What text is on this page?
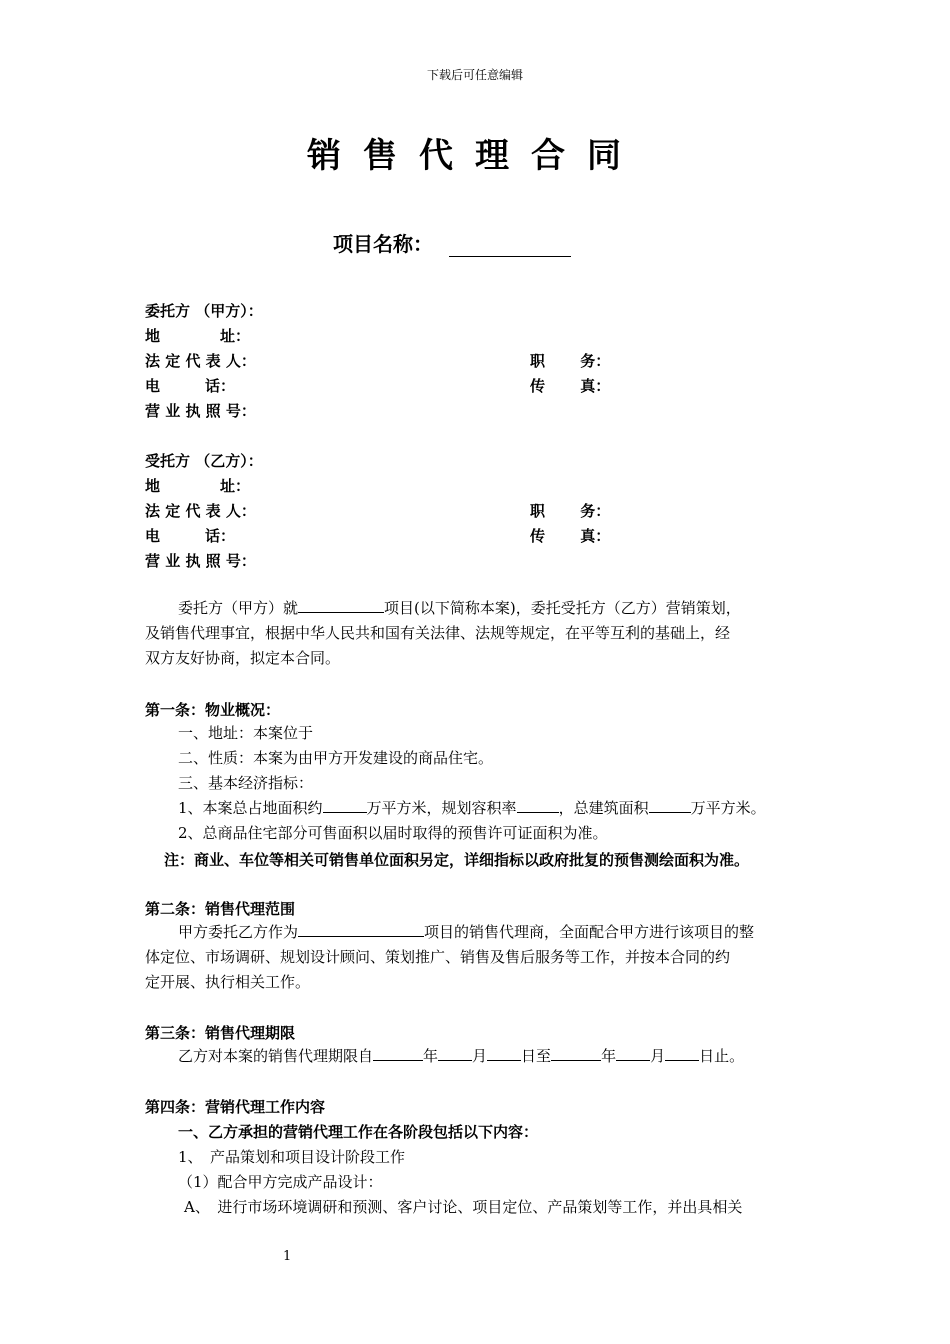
下载后可任意编辑
销售代理合同
项目名称：
委托方 （甲方）：
地　　　　址：
法 定 代 表 人：	职　　 务：
电　　　话：	传　　 真：
营 业 执 照 号：
受托方 （乙方）：
地　　　　址：
法 定 代 表 人：	职　　 务：
电　　　话：	传　　 真：
营 业 执 照 号：
委托方（甲方）就	项目(以下简称本案)，委托受托方（乙方）营销策划，
及销售代理事宜，根据中华人民共和国有关法律、法规等规定，在平等互利的基础上，经
双方友好协商，拟定本合同。
第一条：物业概况：
一、地址：本案位于
二、性质：本案为由甲方开发建设的商品住宅。
三、基本经济指标：
1、本案总占地面积约	万平方米，规划容积率	，总建筑面积	万平方米。
2、总商品住宅部分可售面积以届时取得的预售许可证面积为准。
注：商业、车位等相关可销售单位面积另定，详细指标以政府批复的预售测绘面积为准。
第二条：销售代理范围
甲方委托乙方作为	项目的销售代理商，全面配合甲方进行该项目的整
体定位、市场调研、规划设计顾问、策划推广、销售及售后服务等工作，并按本合同的约
定开展、执行相关工作。
第三条：销售代理期限
乙方对本案的销售代理期限自	年 月 日至	年 月 日止。
第四条：营销代理工作内容
一、乙方承担的营销代理工作在各阶段包括以下内容：
1、　产品策划和项目设计阶段工作
（1）配合甲方完成产品设计：
A、　进行市场环境调研和预测、客户讨论、项目定位、产品策划等工作，并出具相关
1
